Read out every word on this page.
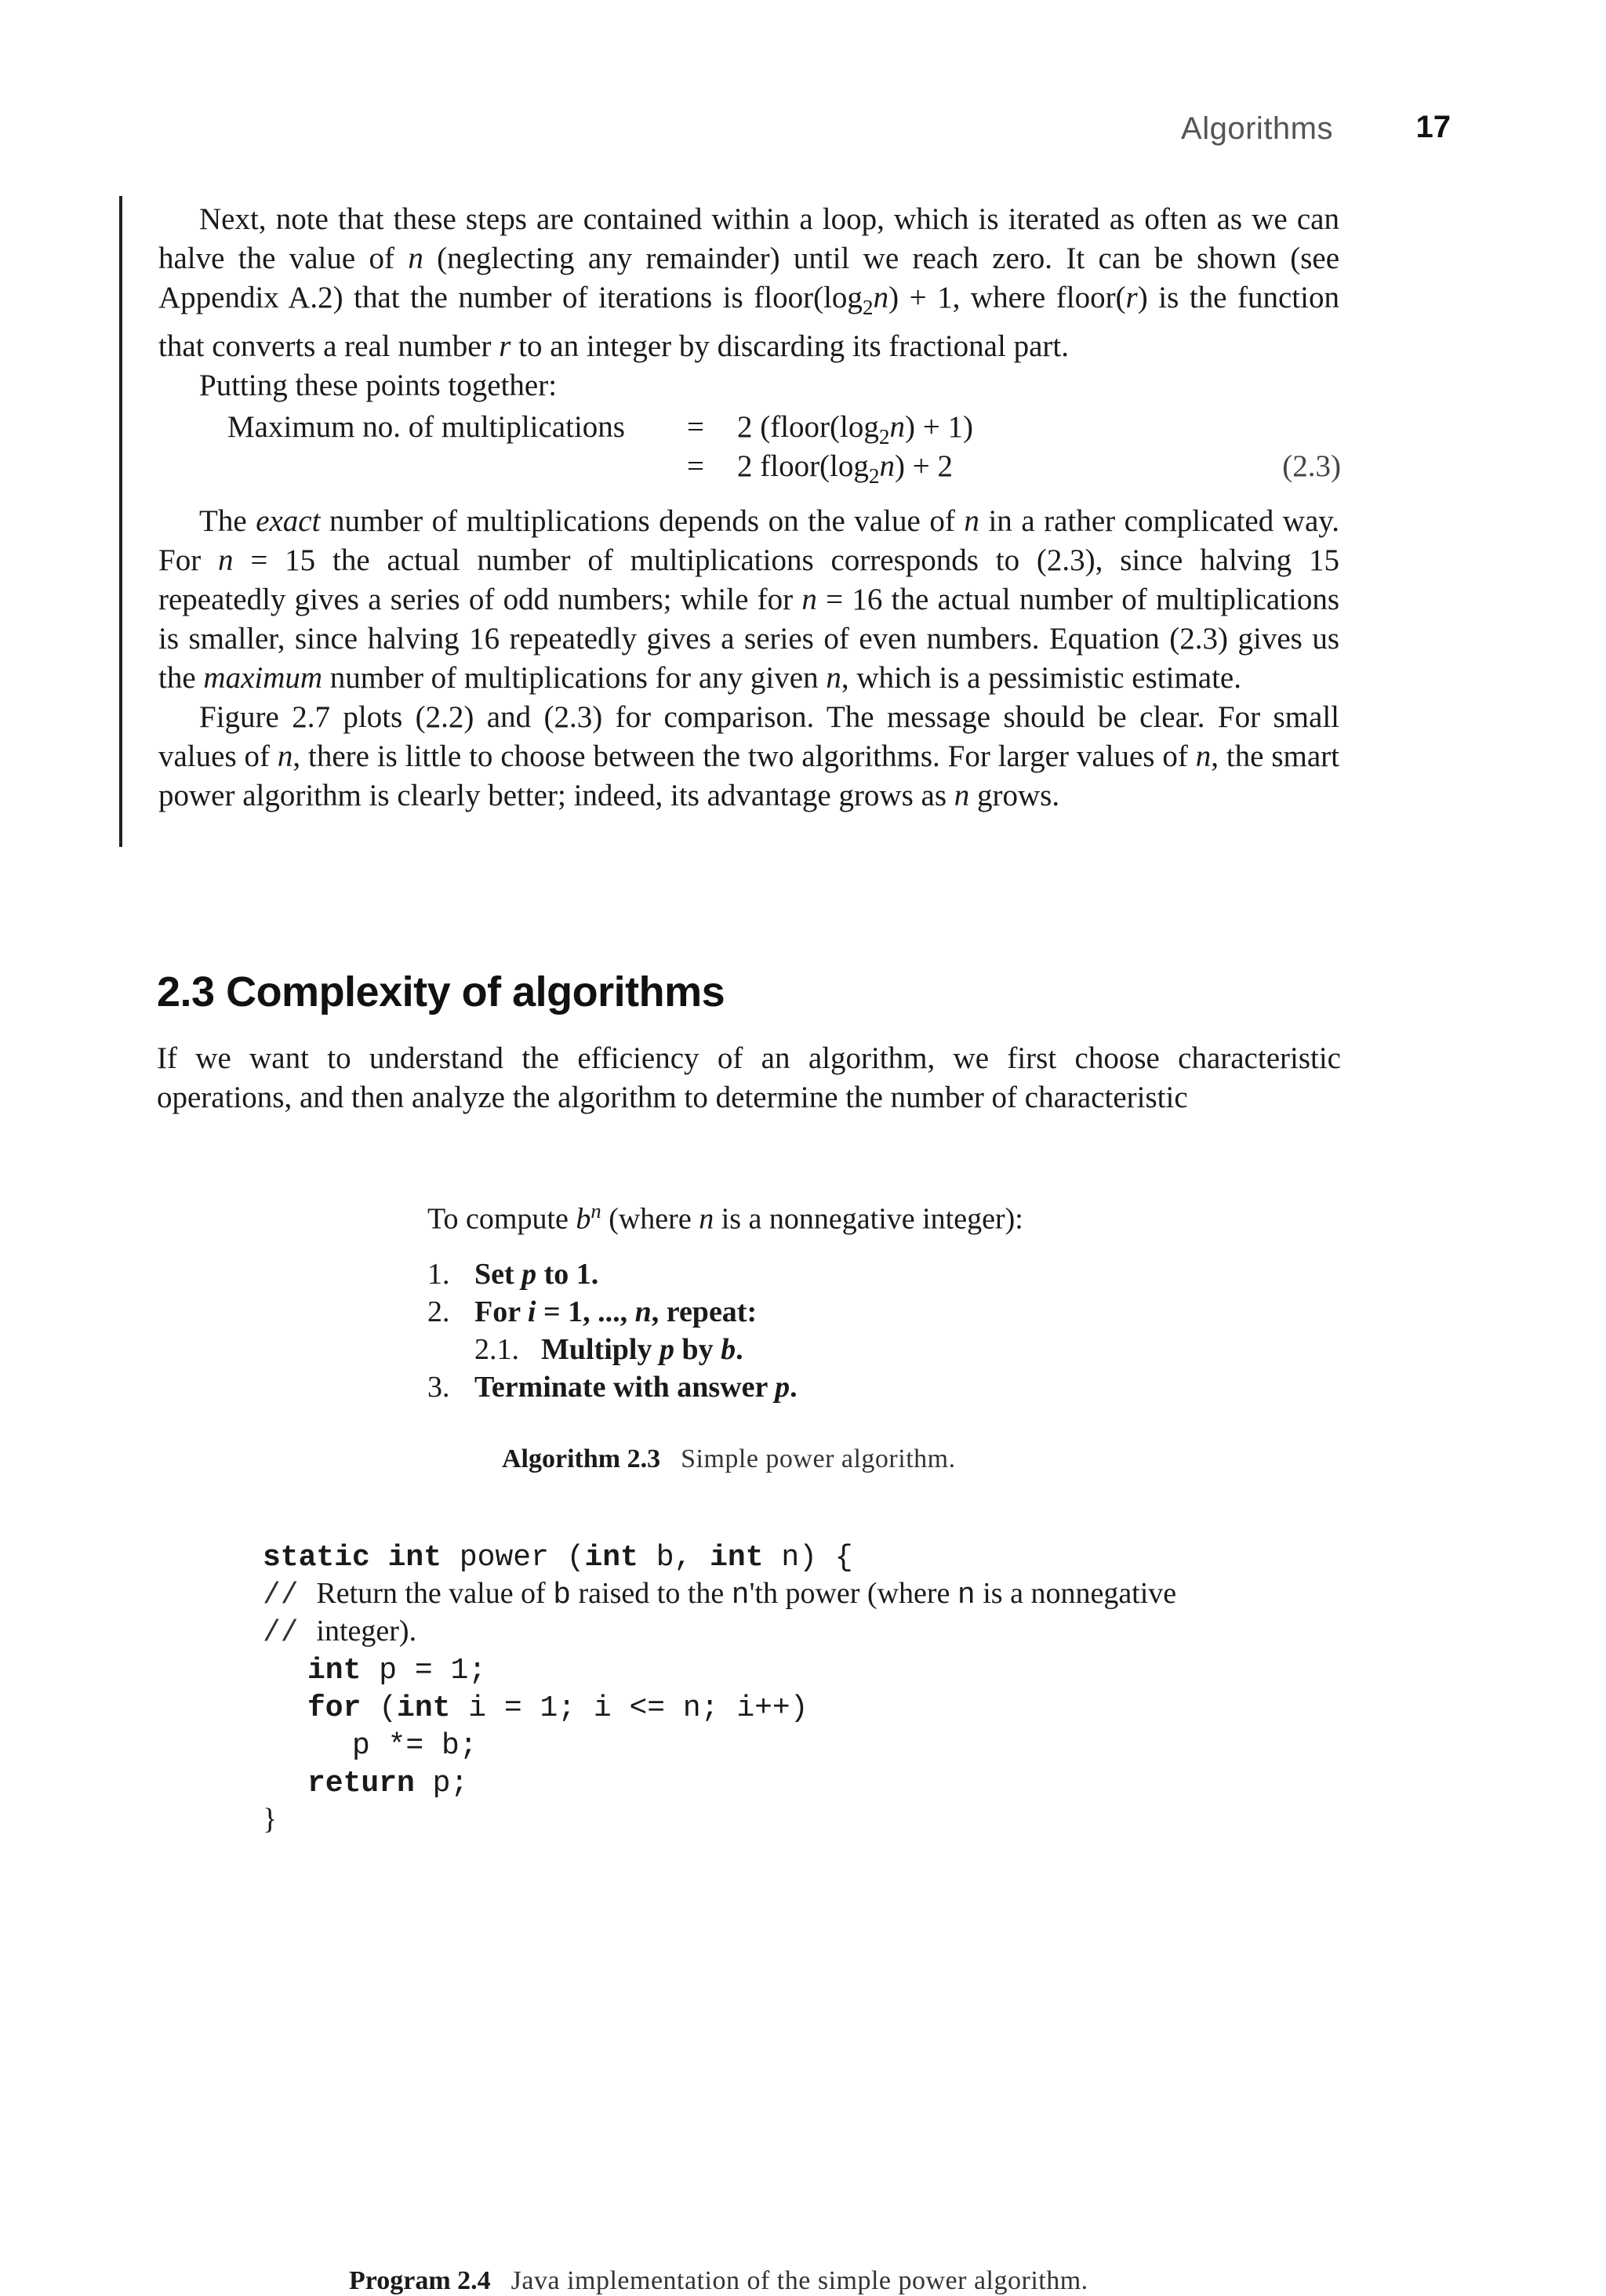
Algorithms	17

Next, note that these steps are contained within a loop, which is iterated as often as we can halve the value of n (neglecting any remainder) until we reach zero. It can be shown (see Appendix A.2) that the number of iterations is $floor(\log_2n) + 1$, where floor(r) is the function that converts a real number r to an integer by discarding its fractional part.

Putting these points together:

Maximum no. of multiplications = 2 $(floor(\log_2n) + 1)$
= 2 $floor(\log_2n) + 2$	(2.3)

The exact number of multiplications depends on the value of n in a rather complicated way. For n = 15 the actual number of multiplications corresponds to (2.3), since halving 15 repeatedly gives a series of odd numbers; while for n = 16 the actual number of multiplications is smaller, since halving 16 repeatedly gives a series of even numbers. Equation (2.3) gives us the maximum number of multiplications for any given n, which is a pessimistic estimate.

Figure 2.7 plots (2.2) and (2.3) for comparison. The message should be clear. For small values of n, there is little to choose between the two algorithms. For larger values of n, the smart power algorithm is clearly better; indeed, its advantage grows as n grows.

2.3 Complexity of algorithms

If we want to understand the efficiency of an algorithm, we first choose characteristic operations, and then analyze the algorithm to determine the number of characteristic

To compute $b^n$ (where n is a nonnegative integer):

1. Set p to 1.
2. For i = 1, ..., n, repeat:
2.1. Multiply p by b.
3. Terminate with answer p.
Algorithm 2.3 Simple power algorithm.
static int power (int b, int n) {
// Return the value of b raised to the n'th power (where n is a nonnegative
// integer).
int p = 1;
for (int i = 1; i <= n; i++)
p *= b;
return p;
}
Program 2.4 Java implementation of the simple power algorithm.
